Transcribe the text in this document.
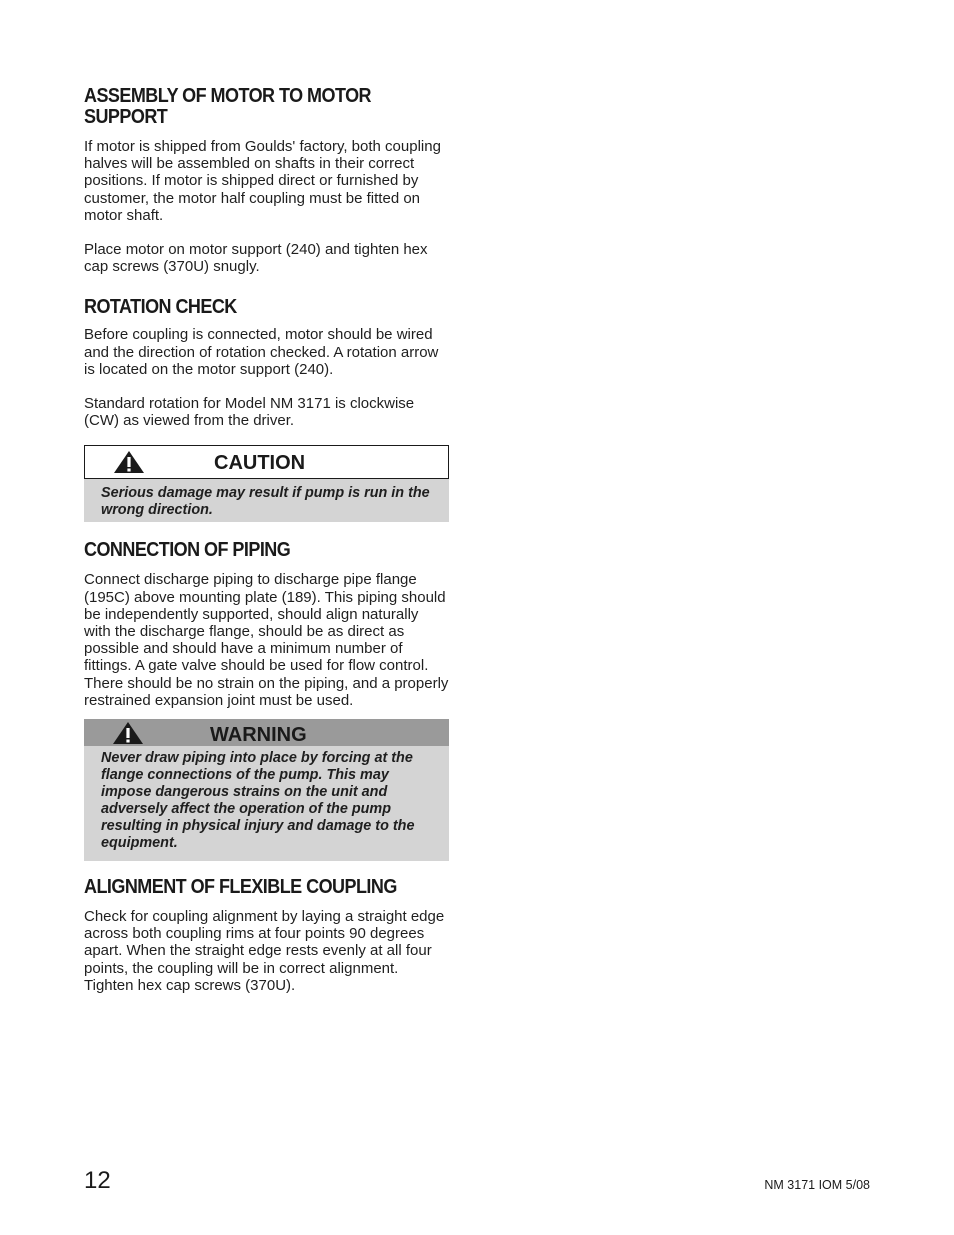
ASSEMBLY OF MOTOR TO MOTOR SUPPORT

If motor is shipped from Goulds' factory, both coupling halves will be assembled on shafts in their correct positions. If motor is shipped direct or furnished by customer, the motor half coupling must be fitted on motor shaft.

Place motor on motor support (240) and tighten hex cap screws (370U) snugly.

ROTATION CHECK

Before coupling is connected, motor should be wired and the direction of rotation checked. A rotation arrow is located on the motor support (240).

Standard rotation for Model NM 3171 is clockwise (CW) as viewed from the driver.

CAUTION
Serious damage may result if pump is run in the wrong direction.
CONNECTION OF PIPING

Connect discharge piping to discharge pipe flange (195C) above mounting plate (189). This piping should be independently supported, should align naturally with the discharge flange, should be as direct as possible and should have a minimum number of fittings. A gate valve should be used for flow control. There should be no strain on the piping, and a properly restrained expansion joint must be used.

WARNING
Never draw piping into place by forcing at the flange connections of the pump. This may impose dangerous strains on the unit and adversely affect the operation of the pump resulting in physical injury and damage to the equipment.
ALIGNMENT OF FLEXIBLE COUPLING

Check for coupling alignment by laying a straight edge across both coupling rims at four points 90 degrees apart. When the straight edge rests evenly at all four points, the coupling will be in correct alignment. Tighten hex cap screws (370U).

12	NM 3171 IOM 5/08
